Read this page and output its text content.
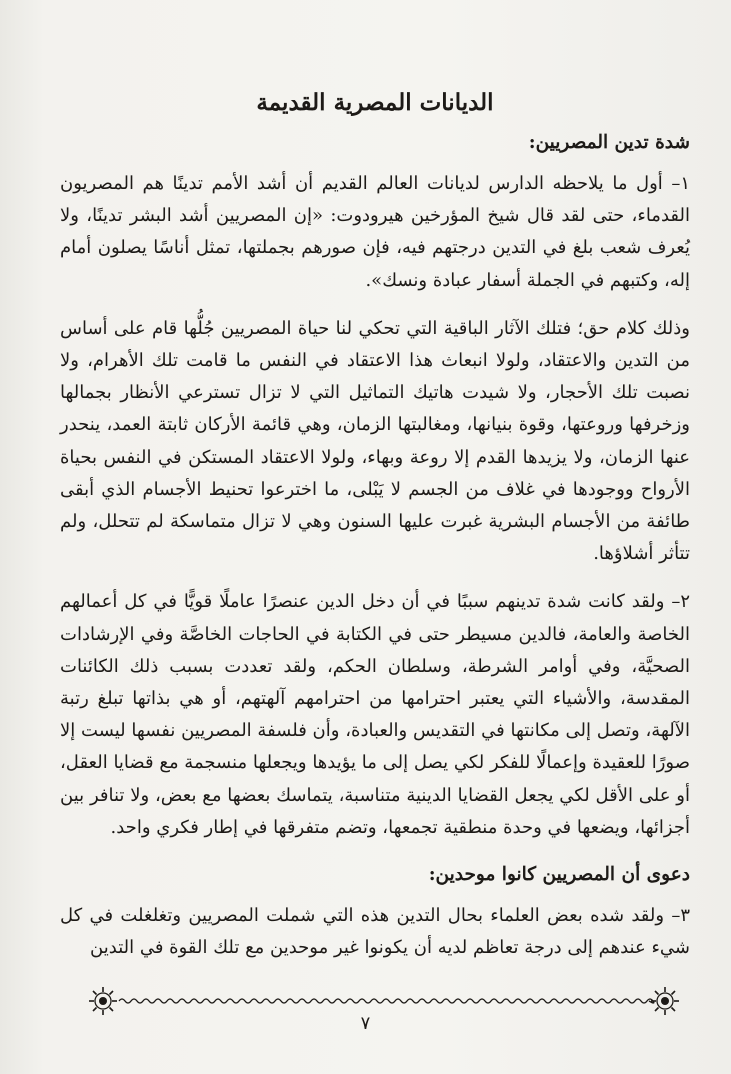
الديانات المصرية القديمة
شدة تدين المصريين:

١– أول ما يلاحظه الدارس لديانات العالم القديم أن أشد الأمم تدينًا هم المصريون القدماء، حتى لقد قال شيخ المؤرخين هيرودوت: «إن المصريين أشد البشر تدينًا، ولا يُعرف شعب بلغ في التدين درجتهم فيه، فإن صورهم بجملتها، تمثل أناسًا يصلون أمام إله، وكتبهم في الجملة أسفار عبادة ونسك».

وذلك كلام حق؛ فتلك الآثار الباقية التي تحكي لنا حياة المصريين جُلُّها قام على أساس من التدين والاعتقاد، ولولا انبعاث هذا الاعتقاد في النفس ما قامت تلك الأهرام، ولا نصبت تلك الأحجار، ولا شيدت هاتيك التماثيل التي لا تزال تسترعي الأنظار بجمالها وزخرفها وروعتها، وقوة بنيانها، ومغالبتها الزمان، وهي قائمة الأركان ثابتة العمد، ينحدر عنها الزمان، ولا يزيدها القدم إلا روعة وبهاء، ولولا الاعتقاد المستكن في النفس بحياة الأرواح ووجودها في غلاف من الجسم لا يَبْلى، ما اخترعوا تحنيط الأجسام الذي أبقى طائفة من الأجسام البشرية غبرت عليها السنون وهي لا تزال متماسكة لم تتحلل، ولم تتأثر أشلاؤها.

٢– ولقد كانت شدة تدينهم سببًا في أن دخل الدين عنصرًا عاملًا قويًّا في كل أعمالهم الخاصة والعامة، فالدين مسيطر حتى في الكتابة في الحاجات الخاصَّة وفي الإرشادات الصحيَّة، وفي أوامر الشرطة، وسلطان الحكم، ولقد تعددت بسبب ذلك الكائنات المقدسة، والأشياء التي يعتبر احترامها من احترامهم آلهتهم، أو هي بذاتها تبلغ رتبة الآلهة، وتصل إلى مكانتها في التقديس والعبادة، وأن فلسفة المصريين نفسها ليست إلا صورًا للعقيدة وإعمالًا للفكر لكي يصل إلى ما يؤيدها ويجعلها منسجمة مع قضايا العقل، أو على الأقل لكي يجعل القضايا الدينية متناسبة، يتماسك بعضها مع بعض، ولا تنافر بين أجزائها، ويضعها في وحدة منطقية تجمعها، وتضم متفرقها في إطار فكري واحد.

دعوى أن المصريين كانوا موحدين:

٣– ولقد شده بعض العلماء بحال التدين هذه التي شملت المصريين وتغلغلت في كل شيء عندهم إلى درجة تعاظم لديه أن يكونوا غير موحدين مع تلك القوة في التدين

٧
